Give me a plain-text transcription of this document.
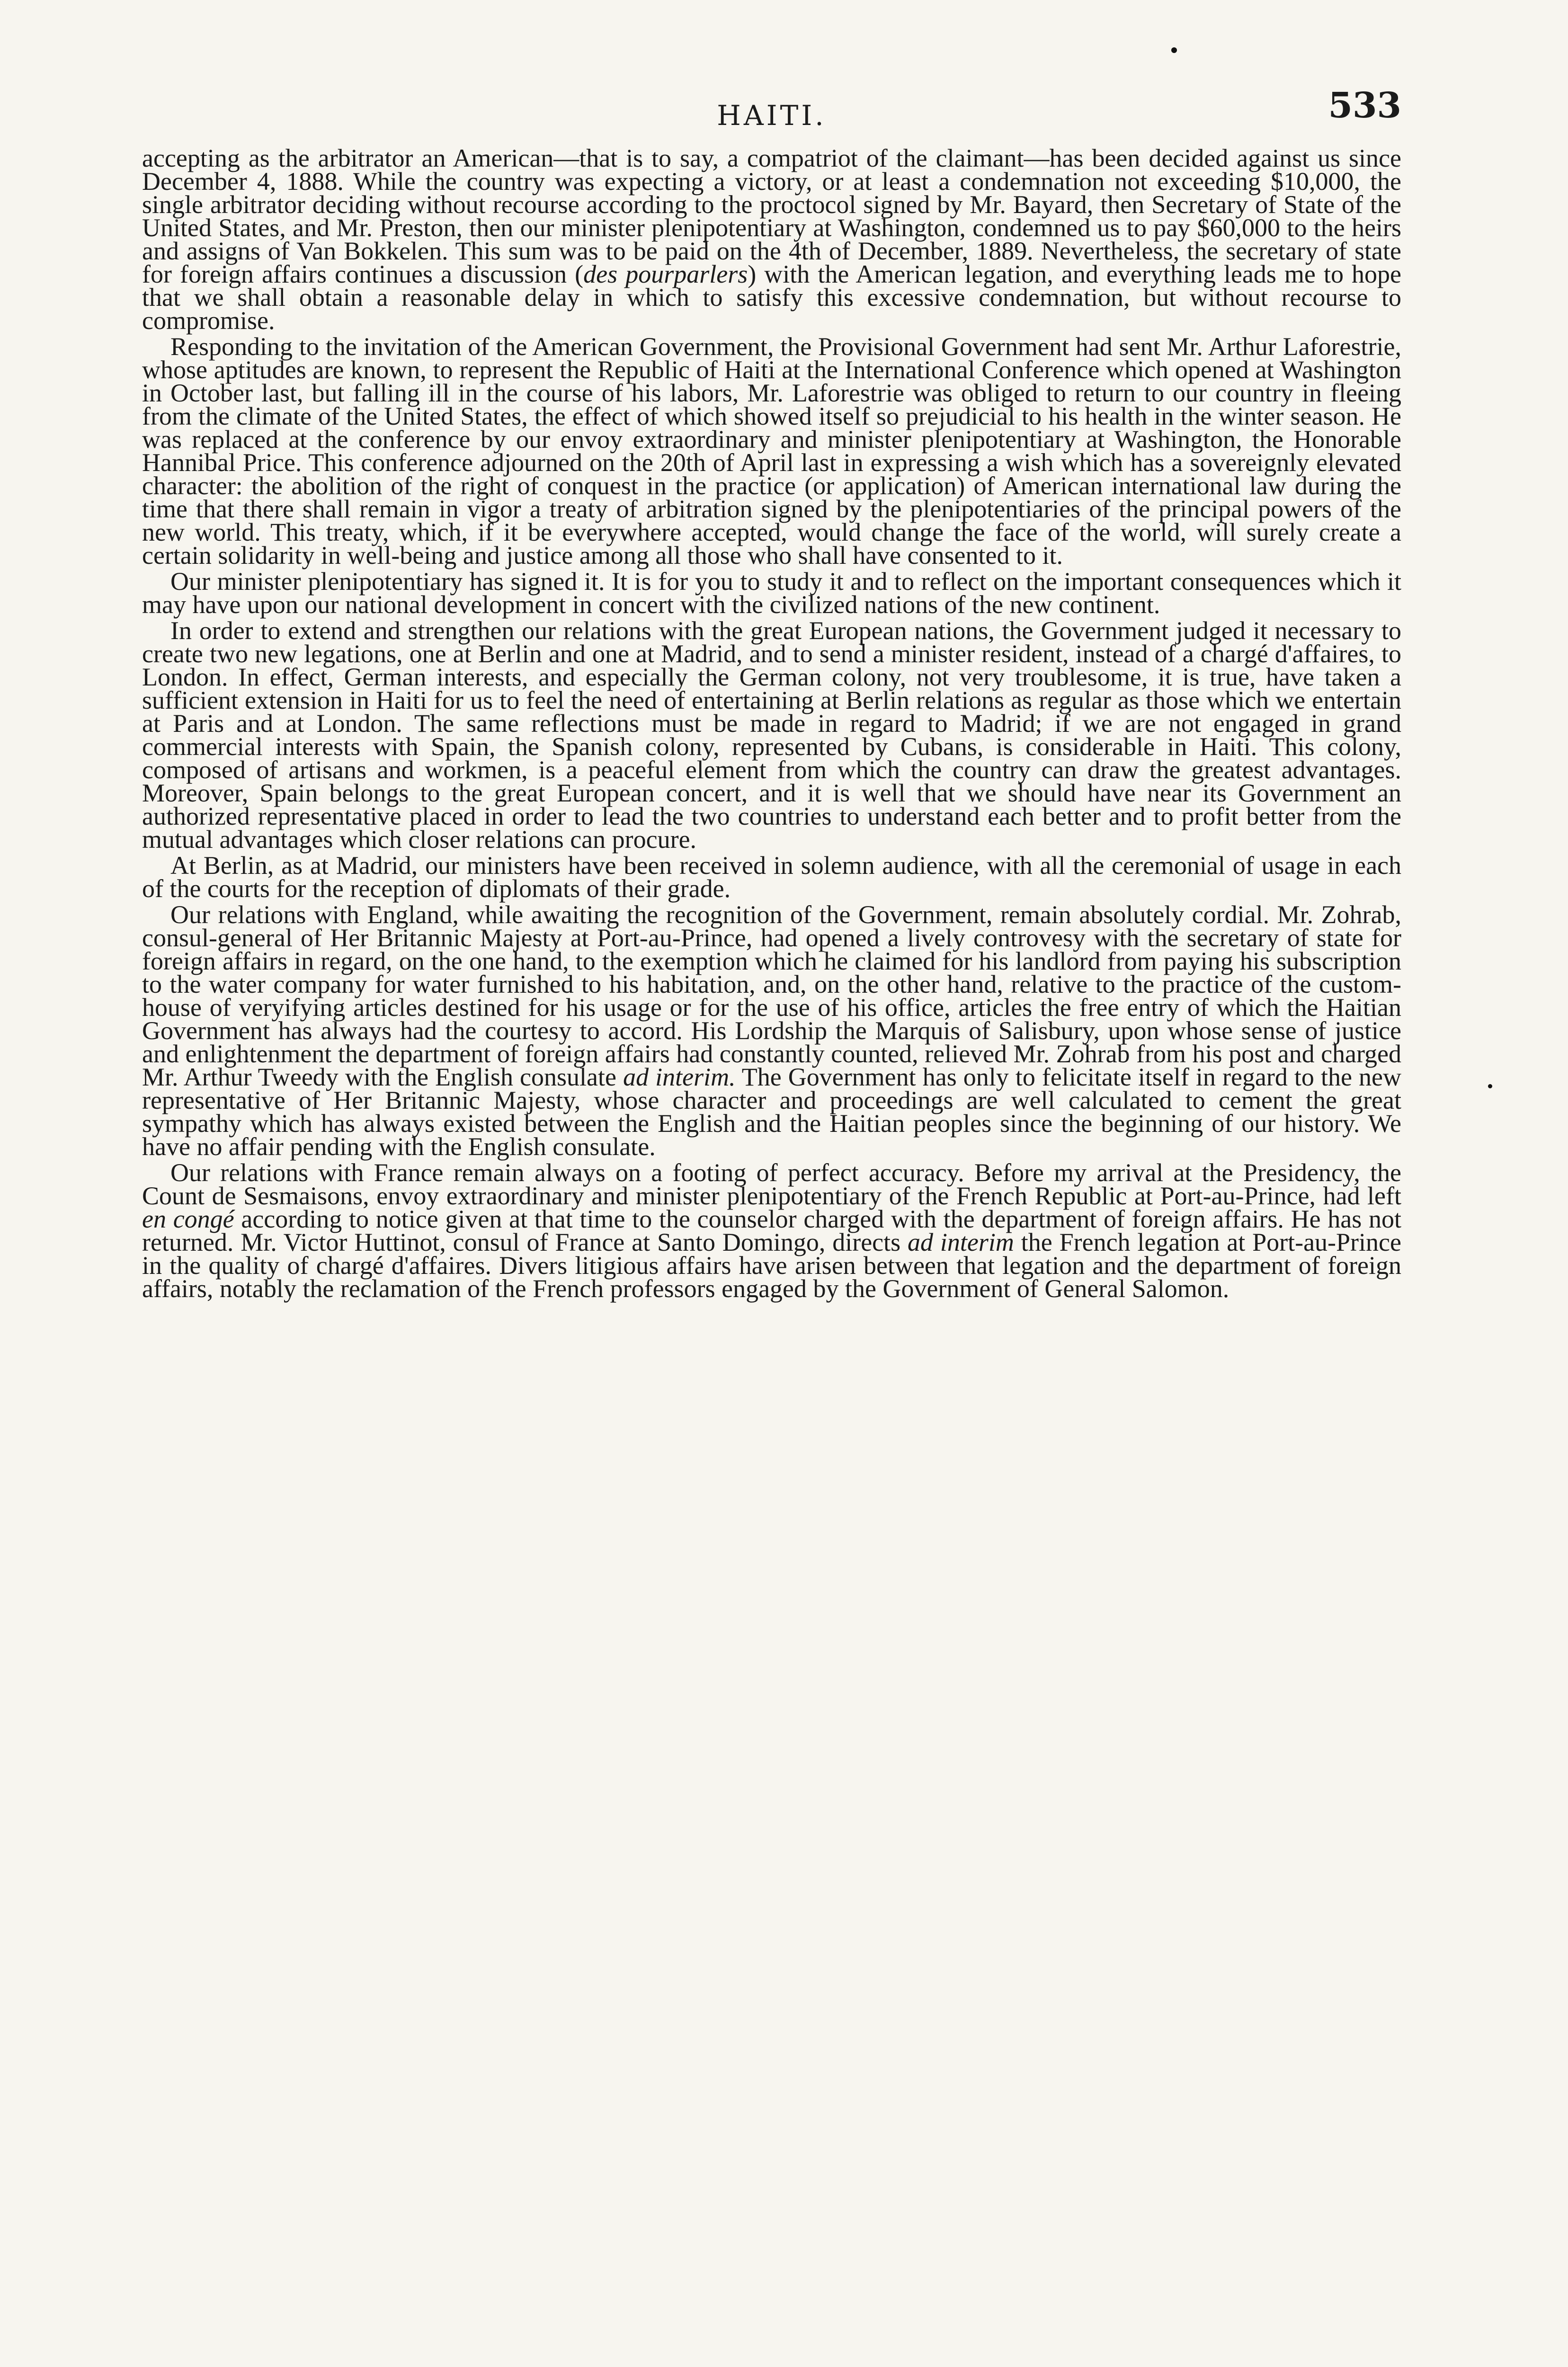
HAITI.	533

accepting as the arbitrator an American—that is to say, a compatriot of the claimant—has been decided against us since December 4, 1888. While the country was expecting a victory, or at least a condemnation not exceeding $10,000, the single arbitrator deciding without recourse according to the proctocol signed by Mr. Bayard, then Secretary of State of the United States, and Mr. Preston, then our minister plenipotentiary at Washington, condemned us to pay $60,000 to the heirs and assigns of Van Bokkelen. This sum was to be paid on the 4th of December, 1889. Nevertheless, the secretary of state for foreign affairs continues a discussion (des pourparlers) with the American legation, and everything leads me to hope that we shall obtain a reasonable delay in which to satisfy this excessive condemnation, but without recourse to compromise.

Responding to the invitation of the American Government, the Provisional Government had sent Mr. Arthur Laforestrie, whose aptitudes are known, to represent the Republic of Haiti at the International Conference which opened at Washington in October last, but falling ill in the course of his labors, Mr. Laforestrie was obliged to return to our country in fleeing from the climate of the United States, the effect of which showed itself so prejudicial to his health in the winter season. He was replaced at the conference by our envoy extraordinary and minister plenipotentiary at Washington, the Honorable Hannibal Price. This conference adjourned on the 20th of April last in expressing a wish which has a sovereignly elevated character: the abolition of the right of conquest in the practice (or application) of American international law during the time that there shall remain in vigor a treaty of arbitration signed by the plenipotentiaries of the principal powers of the new world. This treaty, which, if it be everywhere accepted, would change the face of the world, will surely create a certain solidarity in well-being and justice among all those who shall have consented to it.

Our minister plenipotentiary has signed it. It is for you to study it and to reflect on the important consequences which it may have upon our national development in concert with the civilized nations of the new continent.

In order to extend and strengthen our relations with the great European nations, the Government judged it necessary to create two new legations, one at Berlin and one at Madrid, and to send a minister resident, instead of a chargé d'affaires, to London. In effect, German interests, and especially the German colony, not very troublesome, it is true, have taken a sufficient extension in Haiti for us to feel the need of entertaining at Berlin relations as regular as those which we entertain at Paris and at London. The same reflections must be made in regard to Madrid; if we are not engaged in grand commercial interests with Spain, the Spanish colony, represented by Cubans, is considerable in Haiti. This colony, composed of artisans and workmen, is a peaceful element from which the country can draw the greatest advantages. Moreover, Spain belongs to the great European concert, and it is well that we should have near its Government an authorized representative placed in order to lead the two countries to understand each better and to profit better from the mutual advantages which closer relations can procure.

At Berlin, as at Madrid, our ministers have been received in solemn audience, with all the ceremonial of usage in each of the courts for the reception of diplomats of their grade.

Our relations with England, while awaiting the recognition of the Government, remain absolutely cordial. Mr. Zohrab, consul-general of Her Britannic Majesty at Port-au-Prince, had opened a lively controvesy with the secretary of state for foreign affairs in regard, on the one hand, to the exemption which he claimed for his landlord from paying his subscription to the water company for water furnished to his habitation, and, on the other hand, relative to the practice of the custom-house of veryifying articles destined for his usage or for the use of his office, articles the free entry of which the Haitian Government has always had the courtesy to accord. His Lordship the Marquis of Salisbury, upon whose sense of justice and enlightenment the department of foreign affairs had constantly counted, relieved Mr. Zohrab from his post and charged Mr. Arthur Tweedy with the English consulate ad interim. The Government has only to felicitate itself in regard to the new representative of Her Britannic Majesty, whose character and proceedings are well calculated to cement the great sympathy which has always existed between the English and the Haitian peoples since the beginning of our history. We have no affair pending with the English consulate.

Our relations with France remain always on a footing of perfect accuracy. Before my arrival at the Presidency, the Count de Sesmaisons, envoy extraordinary and minister plenipotentiary of the French Republic at Port-au-Prince, had left en congé according to notice given at that time to the counselor charged with the department of foreign affairs. He has not returned. Mr. Victor Huttinot, consul of France at Santo Domingo, directs ad interim the French legation at Port-au-Prince in the quality of chargé d'affaires. Divers litigious affairs have arisen between that legation and the department of foreign affairs, notably the reclamation of the French professors engaged by the Government of General Salomon.
